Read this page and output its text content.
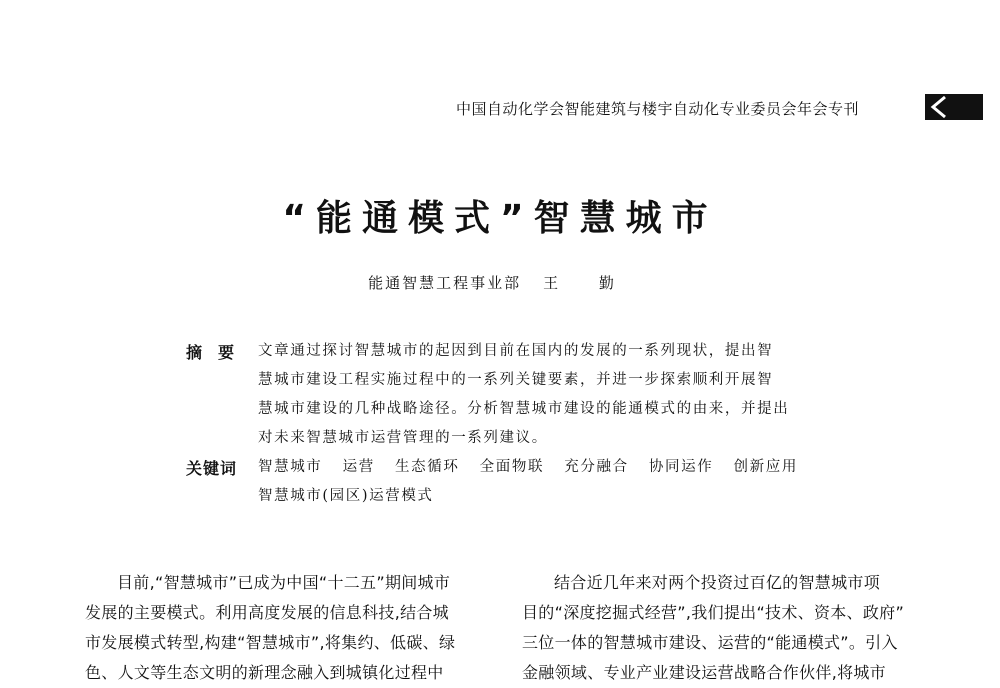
中国自动化学会智能建筑与楼宇自动化专业委员会年会专刊
“能通模式”智慧城市
能通智慧工程事业部 王 勤
摘要 文章通过探讨智慧城市的起因到目前在国内的发展的一系列现状，提出智
慧城市建设工程实施过程中的一系列关键要素，并进一步探索顺利开展智
慧城市建设的几种战略途径。分析智慧城市建设的能通模式的由来，并提出
对未来智慧城市运营管理的一系列建议。
关键词 智慧城市 运营 生态循环 全面物联 充分融合 协同运作 创新应用
智慧城市(园区)运营模式
目前,“智慧城市”已成为中国“十二五”期间城市
发展的主要模式。利用高度发展的信息科技,结合城
市发展模式转型,构建“智慧城市”,将集约、低碳、绿
色、人文等生态文明的新理念融入到城镇化过程中
结合近几年来对两个投资过百亿的智慧城市项
目的“深度挖掘式经营”,我们提出“技术、资本、政府”
三位一体的智慧城市建设、运营的“能通模式”。引入
金融领域、专业产业建设运营战略合作伙伴,将城市
